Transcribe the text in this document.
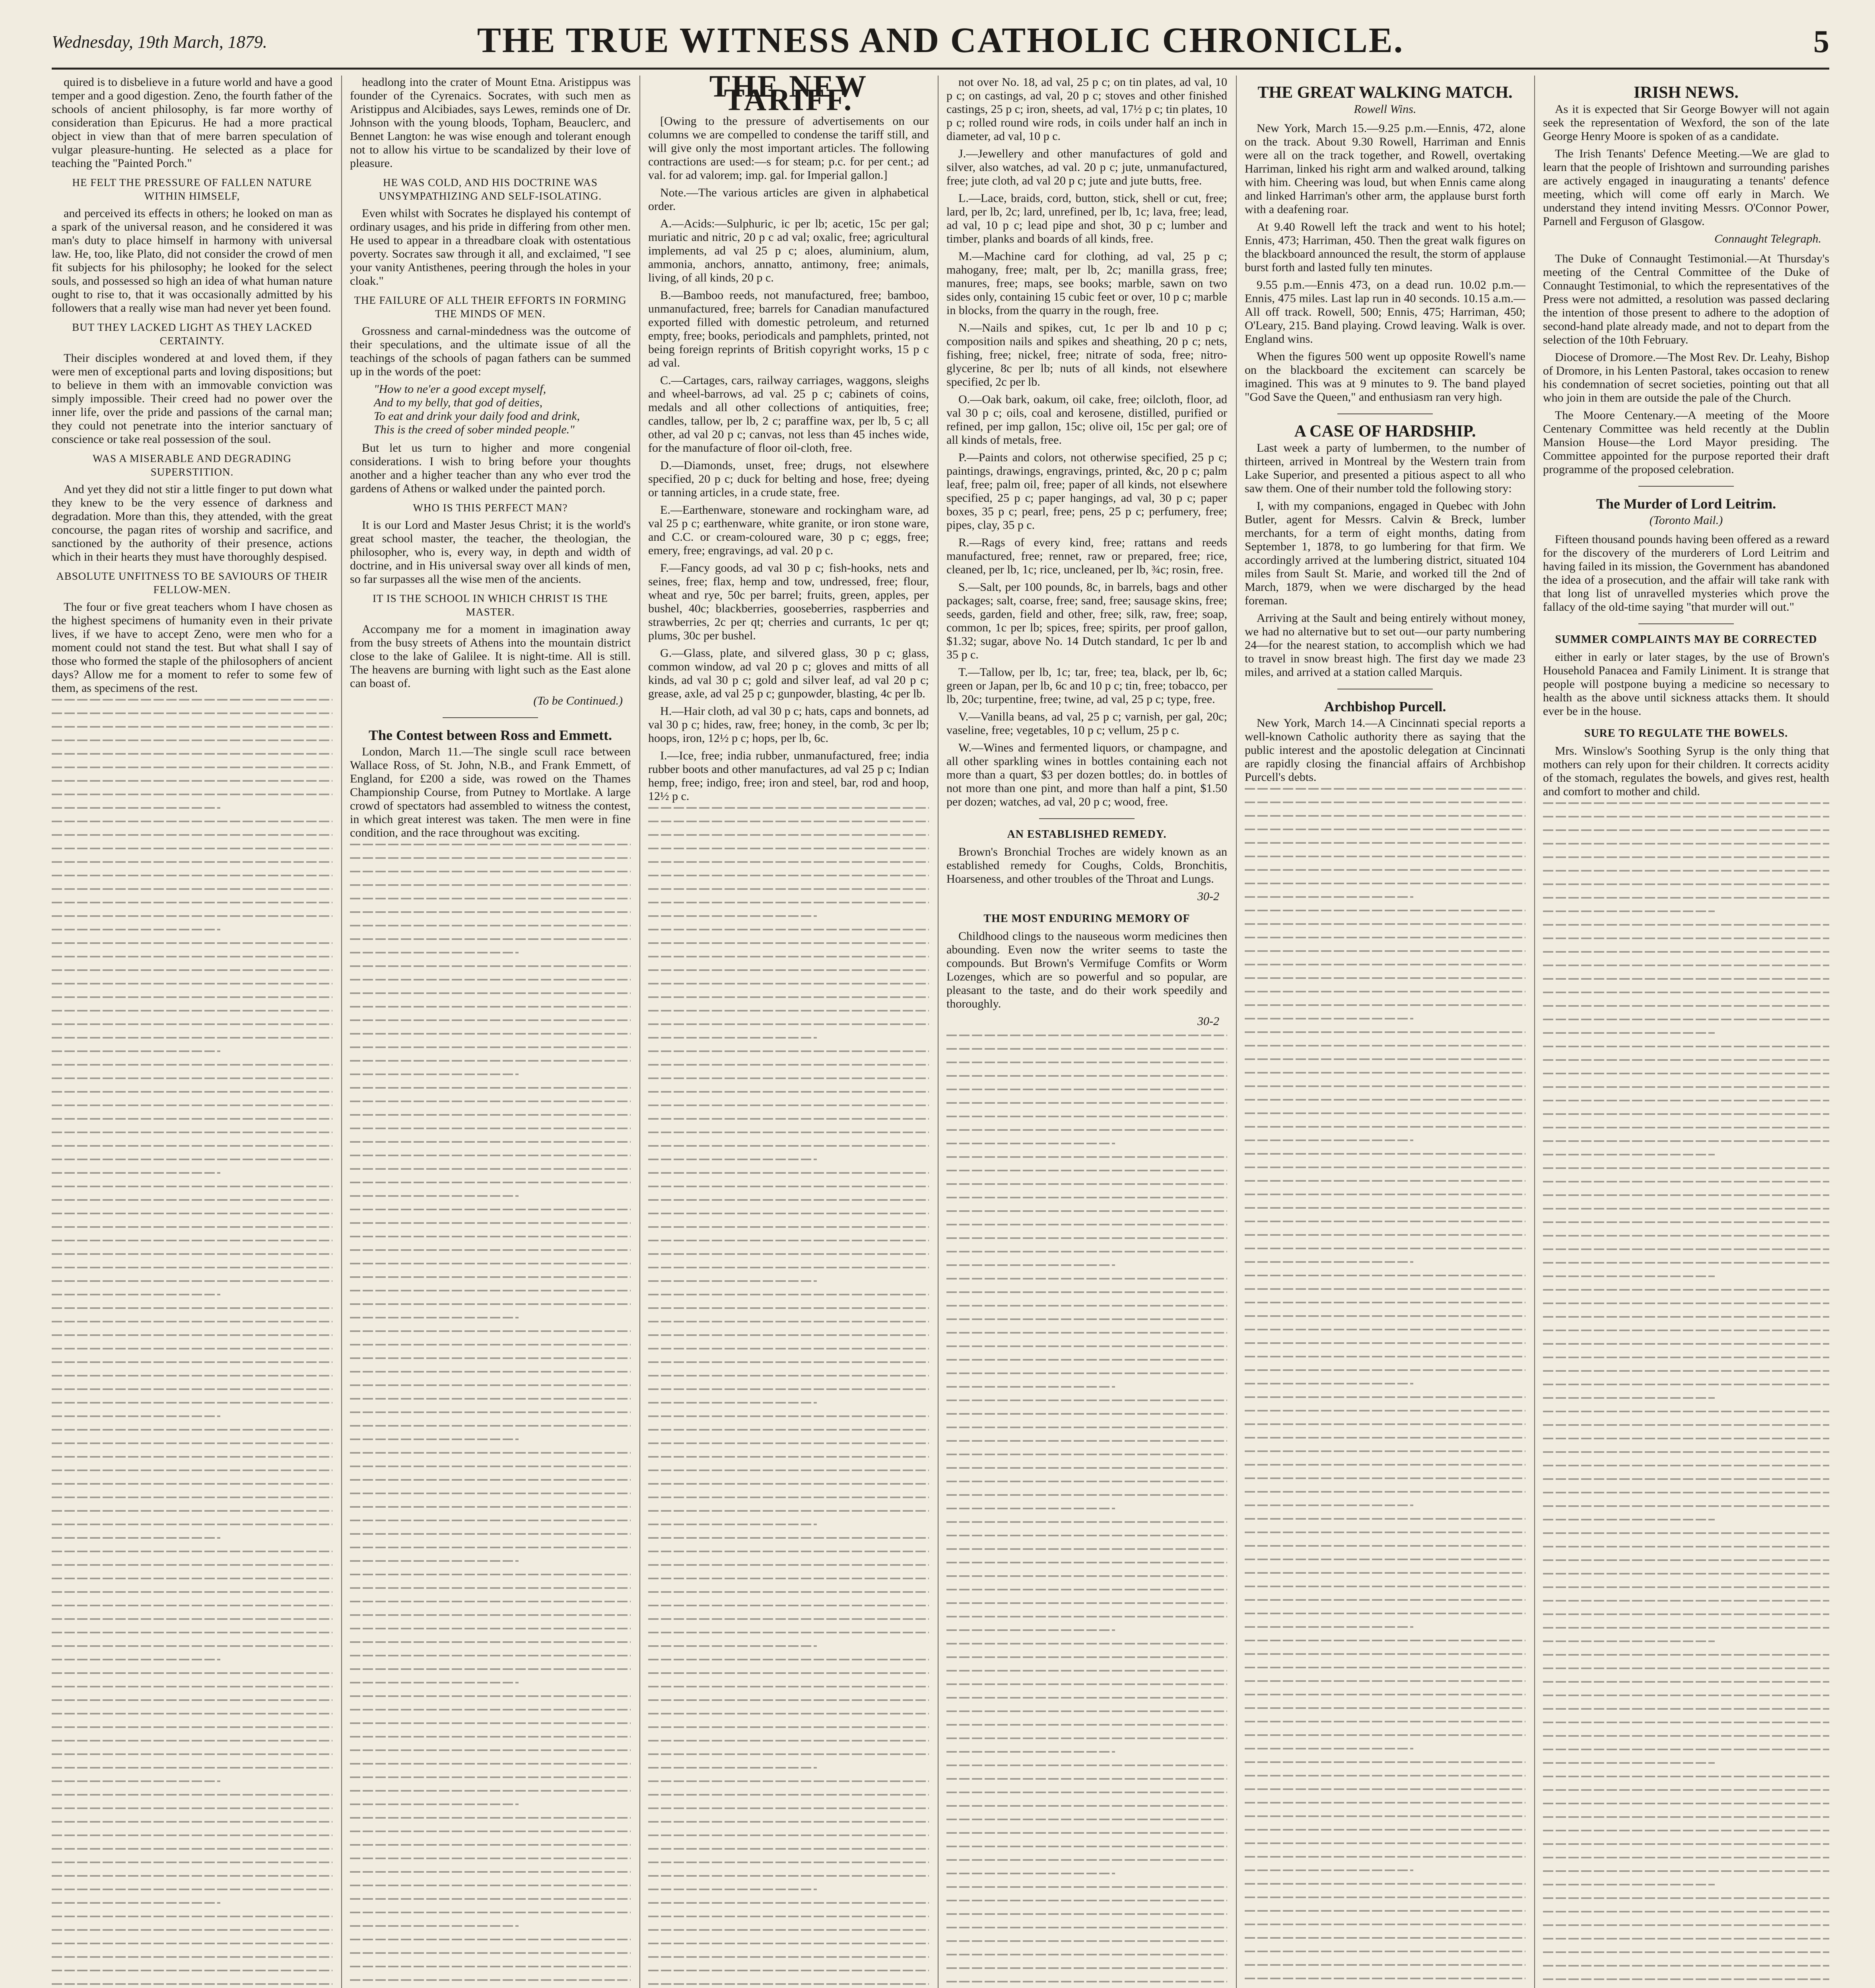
Wednesday, 19th March, 1879.	THE TRUE WITNESS AND CATHOLIC CHRONICLE.	5

quired is to disbelieve in a future world and have a good temper and a good digestion. Zeno, the fourth father of the schools of ancient philosophy, is far more worthy of consideration than Epicurus. He had a more practical object in view than that of mere barren speculation of vulgar pleasure-hunting. He selected as a place for teaching the "Painted Porch."

HE FELT THE PRESSURE OF FALLEN NATURE WITHIN HIMSELF,

and perceived its effects in others; he looked on man as a spark of the universal reason, and he considered it was man's duty to place himself in harmony with universal law. He, too, like Plato, did not consider the crowd of men fit subjects for his philosophy; he looked for the select souls, and possessed so high an idea of what human nature ought to rise to, that it was occasionally admitted by his followers that a really wise man had never yet been found.

BUT THEY LACKED LIGHT AS THEY LACKED CERTAINTY.

Their disciples wondered at and loved them, if they were men of exceptional parts and loving dispositions; but to believe in them with an immovable conviction was simply impossible. Their creed had no power over the inner life, over the pride and passions of the carnal man; they could not penetrate into the interior sanctuary of conscience or take real possession of the soul.

WAS A MISERABLE AND DEGRADING SUPERSTITION.

And yet they did not stir a little finger to put down what they knew to be the very essence of darkness and degradation. More than this, they attended, with the great concourse, the pagan rites of worship and sacrifice, and sanctioned by the authority of their presence, actions which in their hearts they must have thoroughly despised.

ABSOLUTE UNFITNESS TO BE SAVIOURS OF THEIR FELLOW-MEN.

The four or five great teachers whom I have chosen as the highest specimens of humanity even in their private lives, if we have to accept Zeno, were men who for a moment could not stand the test. But what shall I say of those who formed the staple of the philosophers of ancient days? Allow me for a moment to refer to some few of them, as specimens of the rest.

headlong into the crater of Mount Etna. Aristippus was founder of the Cyrenaics. Socrates, with such men as Aristippus and Alcibiades, says Lewes, reminds one of Dr. Johnson with the young bloods, Topham, Beauclerc, and Bennet Langton: he was wise enough and tolerant enough not to allow his virtue to be scandalized by their love of pleasure.

HE WAS COLD, AND HIS DOCTRINE WAS UNSYMPATHIZING AND SELF-ISOLATING.

Even whilst with Socrates he displayed his contempt of ordinary usages, and his pride in differing from other men. He used to appear in a threadbare cloak with ostentatious poverty. Socrates saw through it all, and exclaimed, "I see your vanity Antisthenes, peering through the holes in your cloak."

THE FAILURE OF ALL THEIR EFFORTS IN FORMING THE MINDS OF MEN.

Grossness and carnal-mindedness was the outcome of their speculations, and the ultimate issue of all the teachings of the schools of pagan fathers can be summed up in the words of the poet:

"How to ne'er a good except myself,
And to my belly, that god of deities,
To eat and drink your daily food and drink,
This is the creed of sober minded people."

But let us turn to higher and more congenial considerations. I wish to bring before your thoughts another and a higher teacher than any who ever trod the gardens of Athens or walked under the painted porch.

WHO IS THIS PERFECT MAN?

It is our Lord and Master Jesus Christ; it is the world's great school master, the teacher, the theologian, the philosopher, who is, every way, in depth and width of doctrine, and in His universal sway over all kinds of men, so far surpasses all the wise men of the ancients.

IT IS THE SCHOOL IN WHICH CHRIST IS THE MASTER.

Accompany me for a moment in imagination away from the busy streets of Athens into the mountain district close to the lake of Galilee. It is night-time. All is still. The heavens are burning with light such as the East alone can boast of.

(To be Continued.)
The Contest between Ross and Emmett.

London, March 11.—The single scull race between Wallace Ross, of St. John, N.B., and Frank Emmett, of England, for £200 a side, was rowed on the Thames Championship Course, from Putney to Mortlake. A large crowd of spectators had assembled to witness the contest, in which great interest was taken. The men were in fine condition, and the race throughout was exciting.

THE NEW TARIFF.

[Owing to the pressure of advertisements on our columns we are compelled to condense the tariff still, and will give only the most important articles. The following contractions are used:—s for steam; p.c. for per cent.; ad val. for ad valorem; imp. gal. for Imperial gallon.]

Note.—The various articles are given in alphabetical order.

A.—Acids:—Sulphuric, ic per lb; acetic, 15c per gal; muriatic and nitric, 20 p c ad val; oxalic, free; agricultural implements, ad val 25 p c; aloes, aluminium, alum, ammonia, anchors, annatto, antimony, free; animals, living, of all kinds, 20 p c.

B.—Bamboo reeds, not manufactured, free; bamboo, unmanufactured, free; barrels for Canadian manufactured exported filled with domestic petroleum, and returned empty, free; books, periodicals and pamphlets, printed, not being foreign reprints of British copyright works, 15 p c ad val.

C.—Cartages, cars, railway carriages, waggons, sleighs and wheel-barrows, ad val. 25 p c; cabinets of coins, medals and all other collections of antiquities, free; candles, tallow, per lb, 2 c; paraffine wax, per lb, 5 c; all other, ad val 20 p c; canvas, not less than 45 inches wide, for the manufacture of floor oil-cloth, free.

D.—Diamonds, unset, free; drugs, not elsewhere specified, 20 p c; duck for belting and hose, free; dyeing or tanning articles, in a crude state, free.

E.—Earthenware, stoneware and rockingham ware, ad val 25 p c; earthenware, white granite, or iron stone ware, and C.C. or cream-coloured ware, 30 p c; eggs, free; emery, free; engravings, ad val. 20 p c.

F.—Fancy goods, ad val 30 p c; fish-hooks, nets and seines, free; flax, hemp and tow, undressed, free; flour, wheat and rye, 50c per barrel; fruits, green, apples, per bushel, 40c; blackberries, gooseberries, raspberries and strawberries, 2c per qt; cherries and currants, 1c per qt; plums, 30c per bushel.

G.—Glass, plate, and silvered glass, 30 p c; glass, common window, ad val 20 p c; gloves and mitts of all kinds, ad val 30 p c; gold and silver leaf, ad val 20 p c; grease, axle, ad val 25 p c; gunpowder, blasting, 4c per lb.

H.—Hair cloth, ad val 30 p c; hats, caps and bonnets, ad val 30 p c; hides, raw, free; honey, in the comb, 3c per lb; hoops, iron, 12½ p c; hops, per lb, 6c.

I.—Ice, free; india rubber, unmanufactured, free; india rubber boots and other manufactures, ad val 25 p c; Indian hemp, free; indigo, free; iron and steel, bar, rod and hoop, 12½ p c.

not over No. 18, ad val, 25 p c; on tin plates, ad val, 10 p c; on castings, ad val, 20 p c; stoves and other finished castings, 25 p c; iron, sheets, ad val, 17½ p c; tin plates, 10 p c; rolled round wire rods, in coils under half an inch in diameter, ad val, 10 p c.

J.—Jewellery and other manufactures of gold and silver, also watches, ad val. 20 p c; jute, unmanufactured, free; jute cloth, ad val 20 p c; jute and jute butts, free.

L.—Lace, braids, cord, button, stick, shell or cut, free; lard, per lb, 2c; lard, unrefined, per lb, 1c; lava, free; lead, ad val, 10 p c; lead pipe and shot, 30 p c; lumber and timber, planks and boards of all kinds, free.

M.—Machine card for clothing, ad val, 25 p c; mahogany, free; malt, per lb, 2c; manilla grass, free; manures, free; maps, see books; marble, sawn on two sides only, containing 15 cubic feet or over, 10 p c; marble in blocks, from the quarry in the rough, free.

N.—Nails and spikes, cut, 1c per lb and 10 p c; composition nails and spikes and sheathing, 20 p c; nets, fishing, free; nickel, free; nitrate of soda, free; nitro-glycerine, 8c per lb; nuts of all kinds, not elsewhere specified, 2c per lb.

O.—Oak bark, oakum, oil cake, free; oilcloth, floor, ad val 30 p c; oils, coal and kerosene, distilled, purified or refined, per imp gallon, 15c; olive oil, 15c per gal; ore of all kinds of metals, free.

P.—Paints and colors, not otherwise specified, 25 p c; paintings, drawings, engravings, printed, &c, 20 p c; palm leaf, free; palm oil, free; paper of all kinds, not elsewhere specified, 25 p c; paper hangings, ad val, 30 p c; paper boxes, 35 p c; pearl, free; pens, 25 p c; perfumery, free; pipes, clay, 35 p c.

R.—Rags of every kind, free; rattans and reeds manufactured, free; rennet, raw or prepared, free; rice, cleaned, per lb, 1c; rice, uncleaned, per lb, ¾c; rosin, free.

S.—Salt, per 100 pounds, 8c, in barrels, bags and other packages; salt, coarse, free; sand, free; sausage skins, free; seeds, garden, field and other, free; silk, raw, free; soap, common, 1c per lb; spices, free; spirits, per proof gallon, $1.32; sugar, above No. 14 Dutch standard, 1c per lb and 35 p c.

T.—Tallow, per lb, 1c; tar, free; tea, black, per lb, 6c; green or Japan, per lb, 6c and 10 p c; tin, free; tobacco, per lb, 20c; turpentine, free; twine, ad val, 25 p c; type, free.

V.—Vanilla beans, ad val, 25 p c; varnish, per gal, 20c; vaseline, free; vegetables, 10 p c; vellum, 25 p c.

W.—Wines and fermented liquors, or champagne, and all other sparkling wines in bottles containing each not more than a quart, $3 per dozen bottles; do. in bottles of not more than one pint, and more than half a pint, $1.50 per dozen; watches, ad val, 20 p c; wood, free.

AN ESTABLISHED REMEDY.

Brown's Bronchial Troches are widely known as an established remedy for Coughs, Colds, Bronchitis, Hoarseness, and other troubles of the Throat and Lungs.

30-2
THE MOST ENDURING MEMORY OF

Childhood clings to the nauseous worm medicines then abounding. Even now the writer seems to taste the compounds. But Brown's Vermifuge Comfits or Worm Lozenges, which are so powerful and so popular, are pleasant to the taste, and do their work speedily and thoroughly.

30-2
THE GREAT WALKING MATCH.
Rowell Wins.

New York, March 15.—9.25 p.m.—Ennis, 472, alone on the track. About 9.30 Rowell, Harriman and Ennis were all on the track together, and Rowell, overtaking Harriman, linked his right arm and walked around, talking with him. Cheering was loud, but when Ennis came along and linked Harriman's other arm, the applause burst forth with a deafening roar.

At 9.40 Rowell left the track and went to his hotel; Ennis, 473; Harriman, 450. Then the great walk figures on the blackboard announced the result, the storm of applause burst forth and lasted fully ten minutes.

9.55 p.m.—Ennis 473, on a dead run. 10.02 p.m.—Ennis, 475 miles. Last lap run in 40 seconds. 10.15 a.m.—All off track. Rowell, 500; Ennis, 475; Harriman, 450; O'Leary, 215. Band playing. Crowd leaving. Walk is over. England wins.

When the figures 500 went up opposite Rowell's name on the blackboard the excitement can scarcely be imagined. This was at 9 minutes to 9. The band played "God Save the Queen," and enthusiasm ran very high.

A CASE OF HARDSHIP.

Last week a party of lumbermen, to the number of thirteen, arrived in Montreal by the Western train from Lake Superior, and presented a pitious aspect to all who saw them. One of their number told the following story:

I, with my companions, engaged in Quebec with John Butler, agent for Messrs. Calvin & Breck, lumber merchants, for a term of eight months, dating from September 1, 1878, to go lumbering for that firm. We accordingly arrived at the lumbering district, situated 104 miles from Sault St. Marie, and worked till the 2nd of March, 1879, when we were discharged by the head foreman.

Arriving at the Sault and being entirely without money, we had no alternative but to set out—our party numbering 24—for the nearest station, to accomplish which we had to travel in snow breast high. The first day we made 23 miles, and arrived at a station called Marquis.

Archbishop Purcell.

New York, March 14.—A Cincinnati special reports a well-known Catholic authority there as saying that the public interest and the apostolic delegation at Cincinnati are rapidly closing the financial affairs of Archbishop Purcell's debts.

IRISH NEWS.

As it is expected that Sir George Bowyer will not again seek the representation of Wexford, the son of the late George Henry Moore is spoken of as a candidate.

The Irish Tenants' Defence Meeting.—We are glad to learn that the people of Irishtown and surrounding parishes are actively engaged in inaugurating a tenants' defence meeting, which will come off early in March. We understand they intend inviting Messrs. O'Connor Power, Parnell and Ferguson of Glasgow.

Connaught Telegraph.

The Duke of Connaught Testimonial.—At Thursday's meeting of the Central Committee of the Duke of Connaught Testimonial, to which the representatives of the Press were not admitted, a resolution was passed declaring the intention of those present to adhere to the adoption of second-hand plate already made, and not to depart from the selection of the 10th February.

Diocese of Dromore.—The Most Rev. Dr. Leahy, Bishop of Dromore, in his Lenten Pastoral, takes occasion to renew his condemnation of secret societies, pointing out that all who join in them are outside the pale of the Church.

The Moore Centenary.—A meeting of the Moore Centenary Committee was held recently at the Dublin Mansion House—the Lord Mayor presiding. The Committee appointed for the purpose reported their draft programme of the proposed celebration.

The Murder of Lord Leitrim.
(Toronto Mail.)

Fifteen thousand pounds having been offered as a reward for the discovery of the murderers of Lord Leitrim and having failed in its mission, the Government has abandoned the idea of a prosecution, and the affair will take rank with that long list of unravelled mysteries which prove the fallacy of the old-time saying "that murder will out."

SUMMER COMPLAINTS MAY BE CORRECTED

either in early or later stages, by the use of Brown's Household Panacea and Family Liniment. It is strange that people will postpone buying a medicine so necessary to health as the above until sickness attacks them. It should ever be in the house.

SURE TO REGULATE THE BOWELS.

Mrs. Winslow's Soothing Syrup is the only thing that mothers can rely upon for their children. It corrects acidity of the stomach, regulates the bowels, and gives rest, health and comfort to mother and child.
